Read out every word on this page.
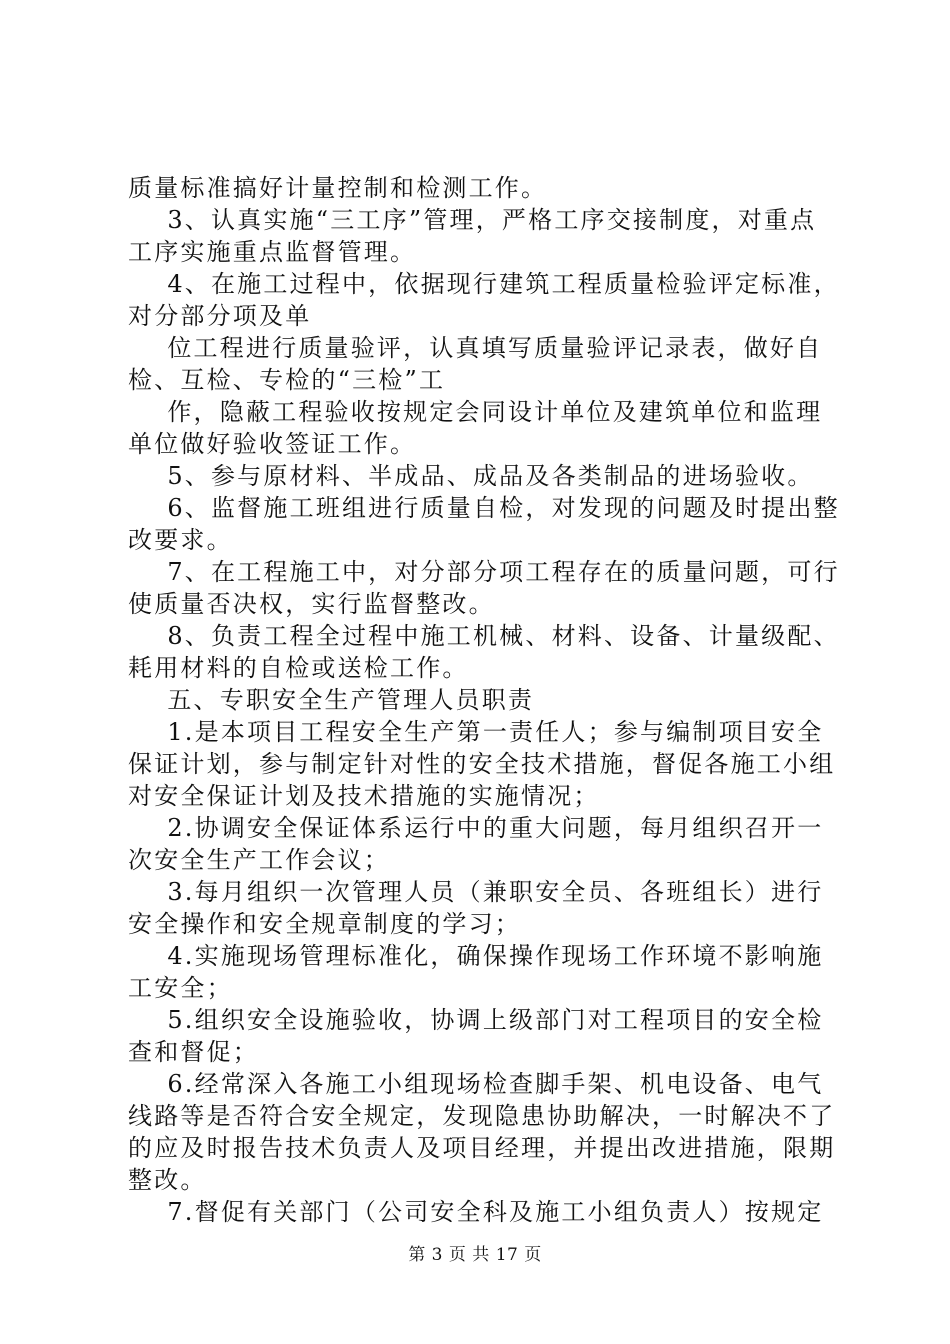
质量标准搞好计量控制和检测工作。
3、认真实施“三工序”管理，严格工序交接制度，对重点
工序实施重点监督管理。
4、在施工过程中，依据现行建筑工程质量检验评定标准，
对分部分项及单
位工程进行质量验评，认真填写质量验评记录表，做好自
检、互检、专检的“三检”工
作，隐蔽工程验收按规定会同设计单位及建筑单位和监理
单位做好验收签证工作。
5、参与原材料、半成品、成品及各类制品的进场验收。
6、监督施工班组进行质量自检，对发现的问题及时提出整
改要求。
7、在工程施工中，对分部分项工程存在的质量问题，可行
使质量否决权，实行监督整改。
8、负责工程全过程中施工机械、材料、设备、计量级配、
耗用材料的自检或送检工作。
五、专职安全生产管理人员职责
1.是本项目工程安全生产第一责任人；参与编制项目安全
保证计划，参与制定针对性的安全技术措施，督促各施工小组
对安全保证计划及技术措施的实施情况；
2.协调安全保证体系运行中的重大问题，每月组织召开一
次安全生产工作会议；
3.每月组织一次管理人员（兼职安全员、各班组长）进行
安全操作和安全规章制度的学习；
4.实施现场管理标准化，确保操作现场工作环境不影响施
工安全；
5.组织安全设施验收，协调上级部门对工程项目的安全检
查和督促；
6.经常深入各施工小组现场检查脚手架、机电设备、电气
线路等是否符合安全规定，发现隐患协助解决，一时解决不了
的应及时报告技术负责人及项目经理，并提出改进措施，限期
整改。
7.督促有关部门（公司安全科及施工小组负责人）按规定
第 3 页 共 17 页
